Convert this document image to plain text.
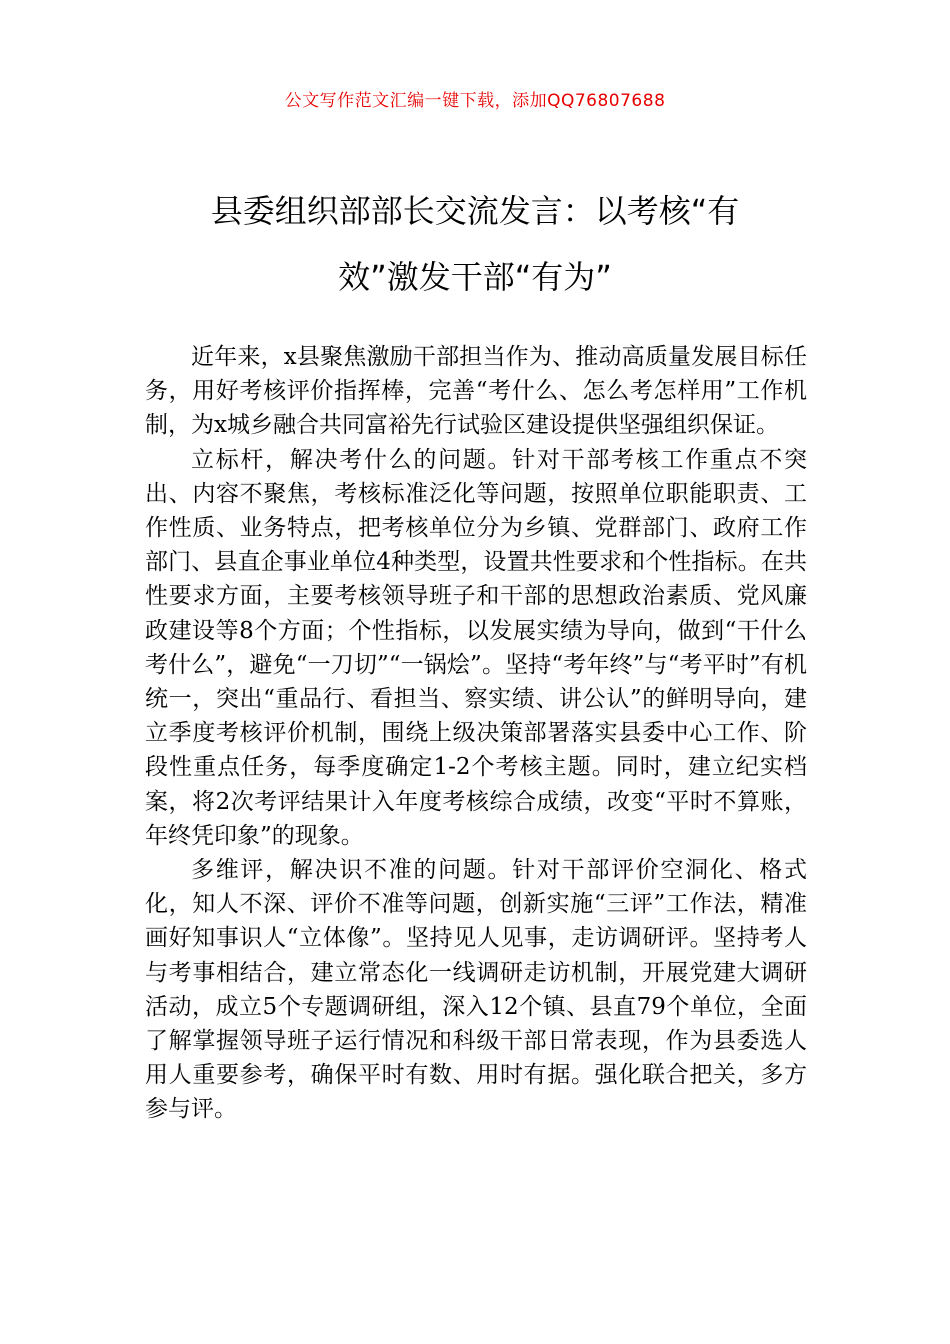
公文写作范文汇编一键下载，添加QQ76807688
县委组织部部长交流发言：以考核“有
效”激发干部“有为”

近年来，x县聚焦激励干部担当作为、推动高质量发展目标任务，用好考核评价指挥棒，完善“考什么、怎么考怎样用”工作机制，为x城乡融合共同富裕先行试验区建设提供坚强组织保证。

立标杆，解决考什么的问题。针对干部考核工作重点不突出、内容不聚焦，考核标准泛化等问题，按照单位职能职责、工作性质、业务特点，把考核单位分为乡镇、党群部门、政府工作部门、县直企事业单位4种类型，设置共性要求和个性指标。在共性要求方面，主要考核领导班子和干部的思想政治素质、党风廉政建设等8个方面；个性指标，以发展实绩为导向，做到“干什么考什么”，避免“一刀切”“一锅烩”。坚持“考年终”与“考平时”有机统一，突出“重品行、看担当、察实绩、讲公认”的鲜明导向，建立季度考核评价机制，围绕上级决策部署落实县委中心工作、阶段性重点任务，每季度确定1-2个考核主题。同时，建立纪实档案，将2次考评结果计入年度考核综合成绩，改变“平时不算账，年终凭印象”的现象。

多维评，解决识不准的问题。针对干部评价空洞化、格式化，知人不深、评价不准等问题，创新实施“三评”工作法，精准画好知事识人“立体像”。坚持见人见事，走访调研评。坚持考人与考事相结合，建立常态化一线调研走访机制，开展党建大调研活动，成立5个专题调研组，深入12个镇、县直79个单位，全面了解掌握领导班子运行情况和科级干部日常表现，作为县委选人用人重要参考，确保平时有数、用时有据。强化联合把关，多方参与评。
